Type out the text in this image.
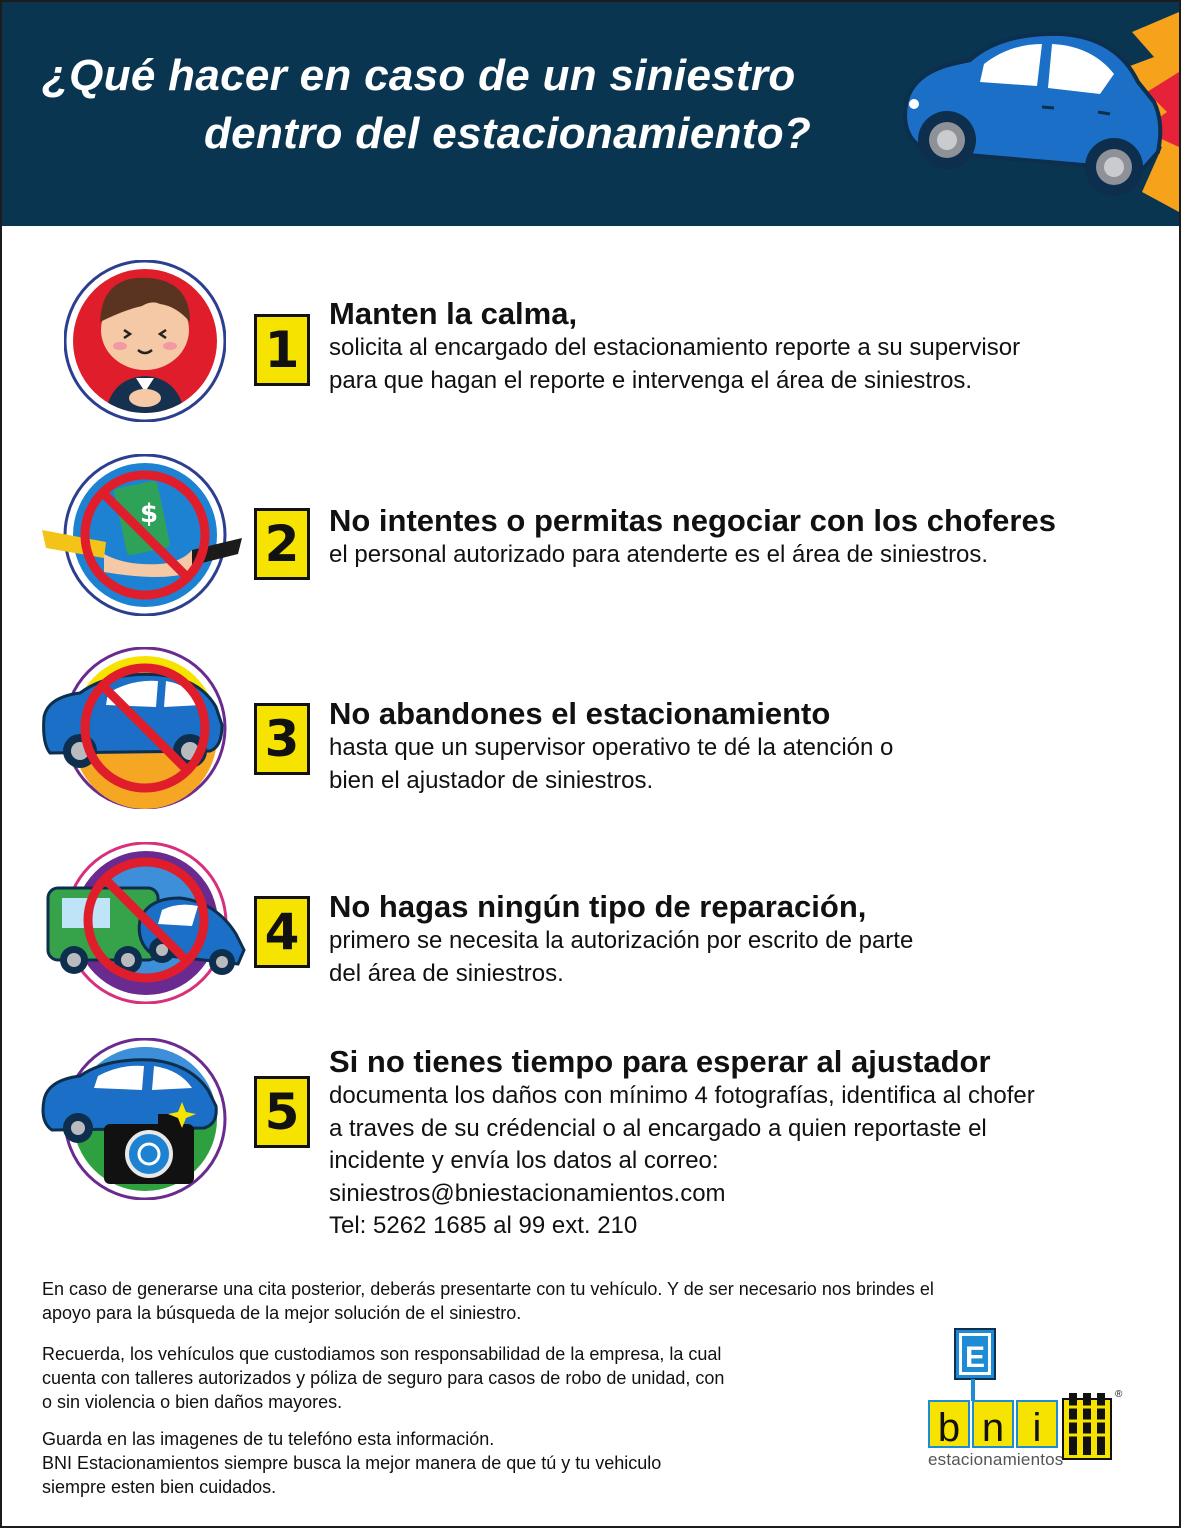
¿Qué hacer en caso de un siniestro
dentro del estacionamiento?
1
Manten la calma,
solicita al encargado del estacionamiento reporte a su supervisor
para que hagan el reporte e intervenga el área de siniestros.
$
2 No intentes o permitas negociar con los choferes
el personal autorizado para atenderte es el área de siniestros.
3 No abandones el estacionamiento
hasta que un supervisor operativo te dé la atención o
bien el ajustador de siniestros.
4 No hagas ningún tipo de reparación,
primero se necesita la autorización por escrito de parte
del área de siniestros.
5
Si no tienes tiempo para esperar al ajustador
documenta los daños con mínimo 4 fotografías, identifica al chofer
a traves de su crédencial o al encargado a quien reportaste el
incidente y envía los datos al correo:
siniestros@bniestacionamientos.com
Tel: 5262 1685 al 99 ext. 210
En caso de generarse una cita posterior, deberás presentarte con tu vehículo. Y de ser necesario nos brindes el
apoyo para la búsqueda de la mejor solución de el siniestro.
Recuerda, los vehículos que custodiamos son responsabilidad de la empresa, la cual
cuenta con talleres autorizados y póliza de seguro para casos de robo de unidad, con
o sin violencia o bien daños mayores.
Guarda en las imagenes de tu telefóno esta información.
BNI Estacionamientos siempre busca la mejor manera de que tú y tu vehiculo
siempre esten bien cuidados.
E
b n i
®
estacionamientos
